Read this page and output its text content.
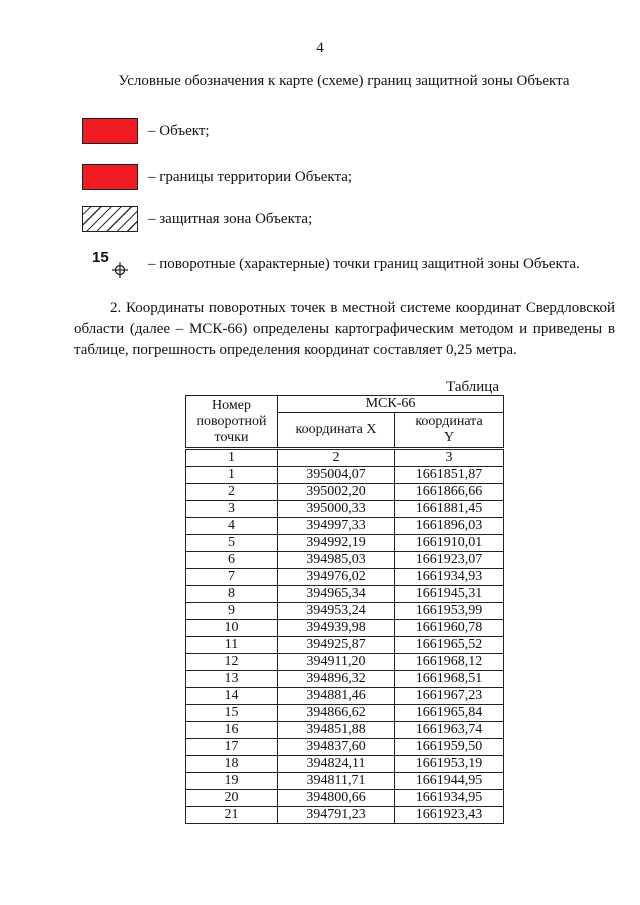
4
Условные обозначения к карте (схеме) границ защитной зоны Объекта
– Объект;
– границы территории Объекта;
– защитная зона Объекта;
15	– поворотные (характерные) точки границ защитной зоны Объекта.
2. Координаты поворотных точек в местной системе координат Свердловской области (далее – МСК-66) определены картографическим методом и приведены в таблице, погрешность определения координат составляет 0,25 метра.
Таблица
Номер поворотной точки	МСК-66	
	координата X	координата Y
1	2	3
1	395004,07	1661851,87
2	395002,20	1661866,66
3	395000,33	1661881,45
4	394997,33	1661896,03
5	394992,19	1661910,01
6	394985,03	1661923,07
7	394976,02	1661934,93
8	394965,34	1661945,31
9	394953,24	1661953,99
10	394939,98	1661960,78
11	394925,87	1661965,52
12	394911,20	1661968,12
13	394896,32	1661968,51
14	394881,46	1661967,23
15	394866,62	1661965,84
16	394851,88	1661963,74
17	394837,60	1661959,50
18	394824,11	1661953,19
19	394811,71	1661944,95
20	394800,66	1661934,95
21	394791,23	1661923,43
